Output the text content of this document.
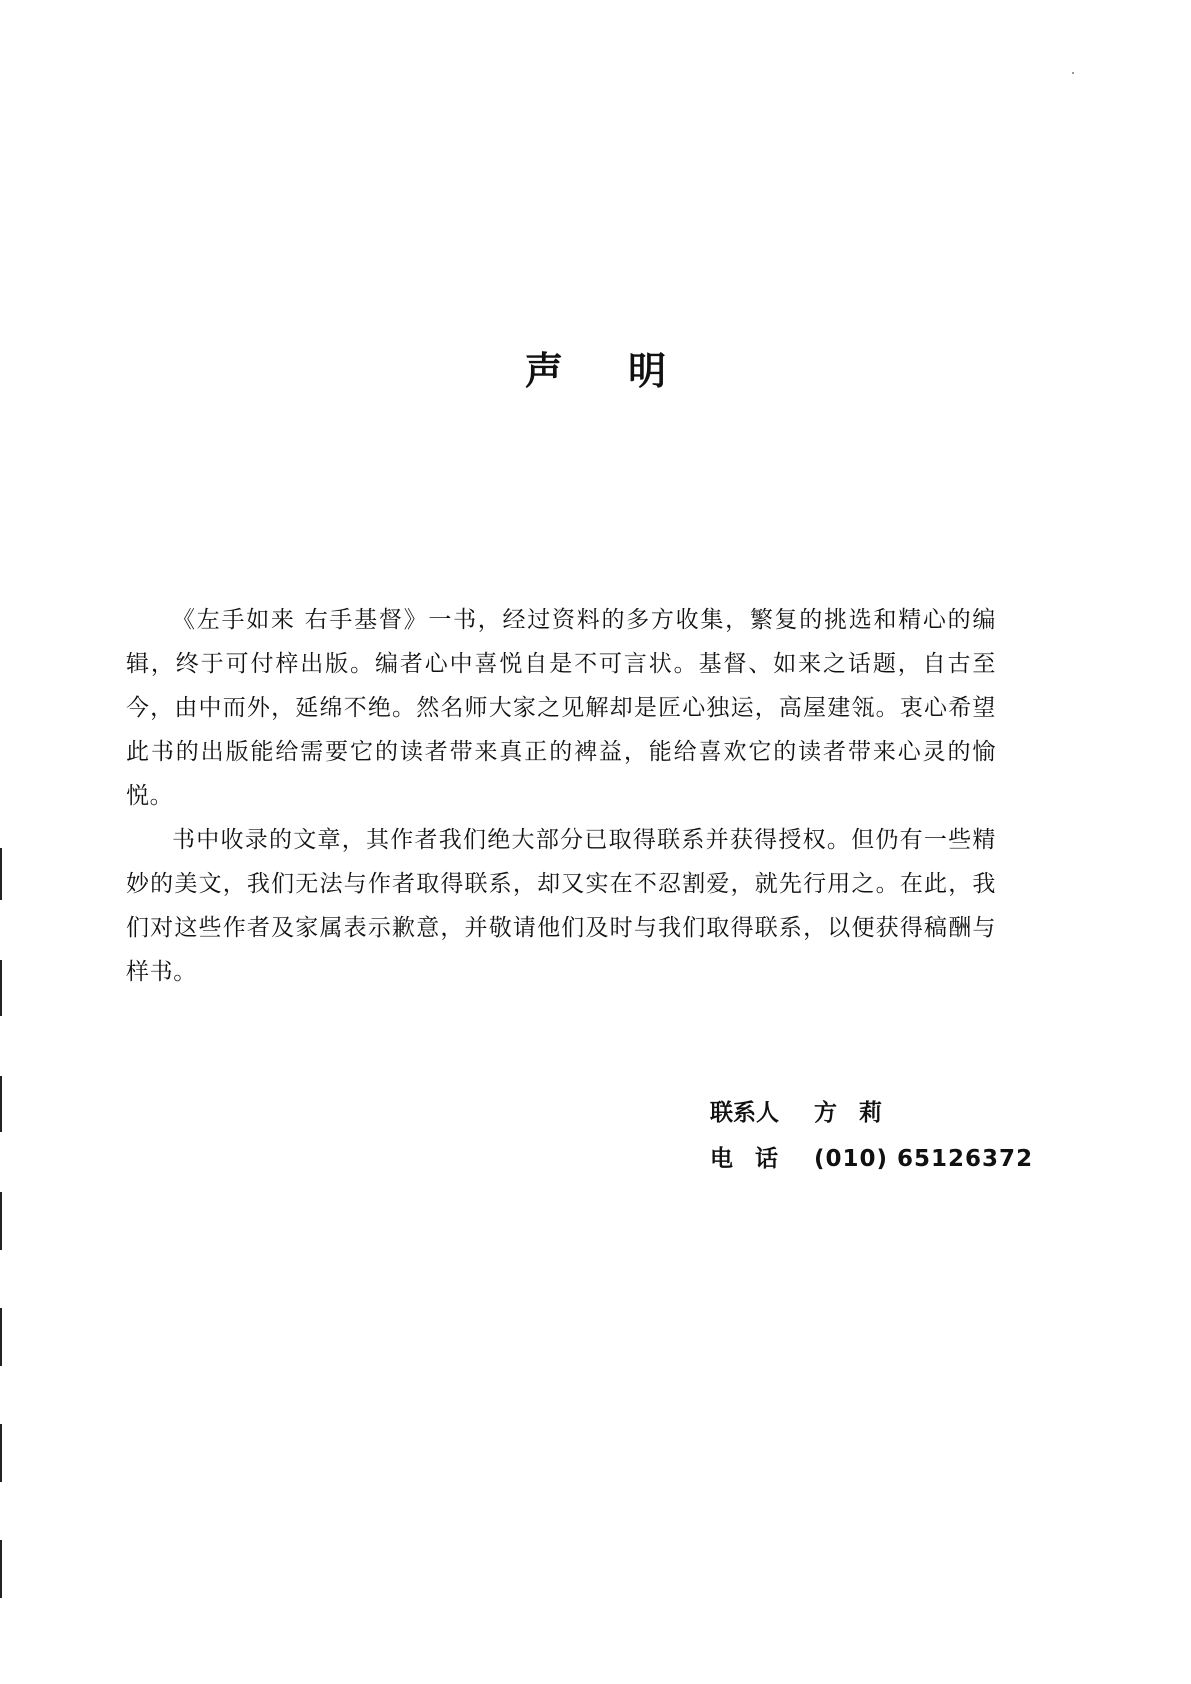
声 明

《左手如来 右手基督》一书，经过资料的多方收集，繁复的挑选和精心的编辑，终于可付梓出版。编者心中喜悦自是不可言状。基督、如来之话题，自古至今，由中而外，延绵不绝。然名师大家之见解却是匠心独运，高屋建瓴。衷心希望此书的出版能给需要它的读者带来真正的裨益，能给喜欢它的读者带来心灵的愉悦。

书中收录的文章，其作者我们绝大部分已取得联系并获得授权。但仍有一些精妙的美文，我们无法与作者取得联系，却又实在不忍割爱，就先行用之。在此，我们对这些作者及家属表示歉意，并敬请他们及时与我们取得联系，以便获得稿酬与样书。

联系人	方莉
电话 (010) 65126372
